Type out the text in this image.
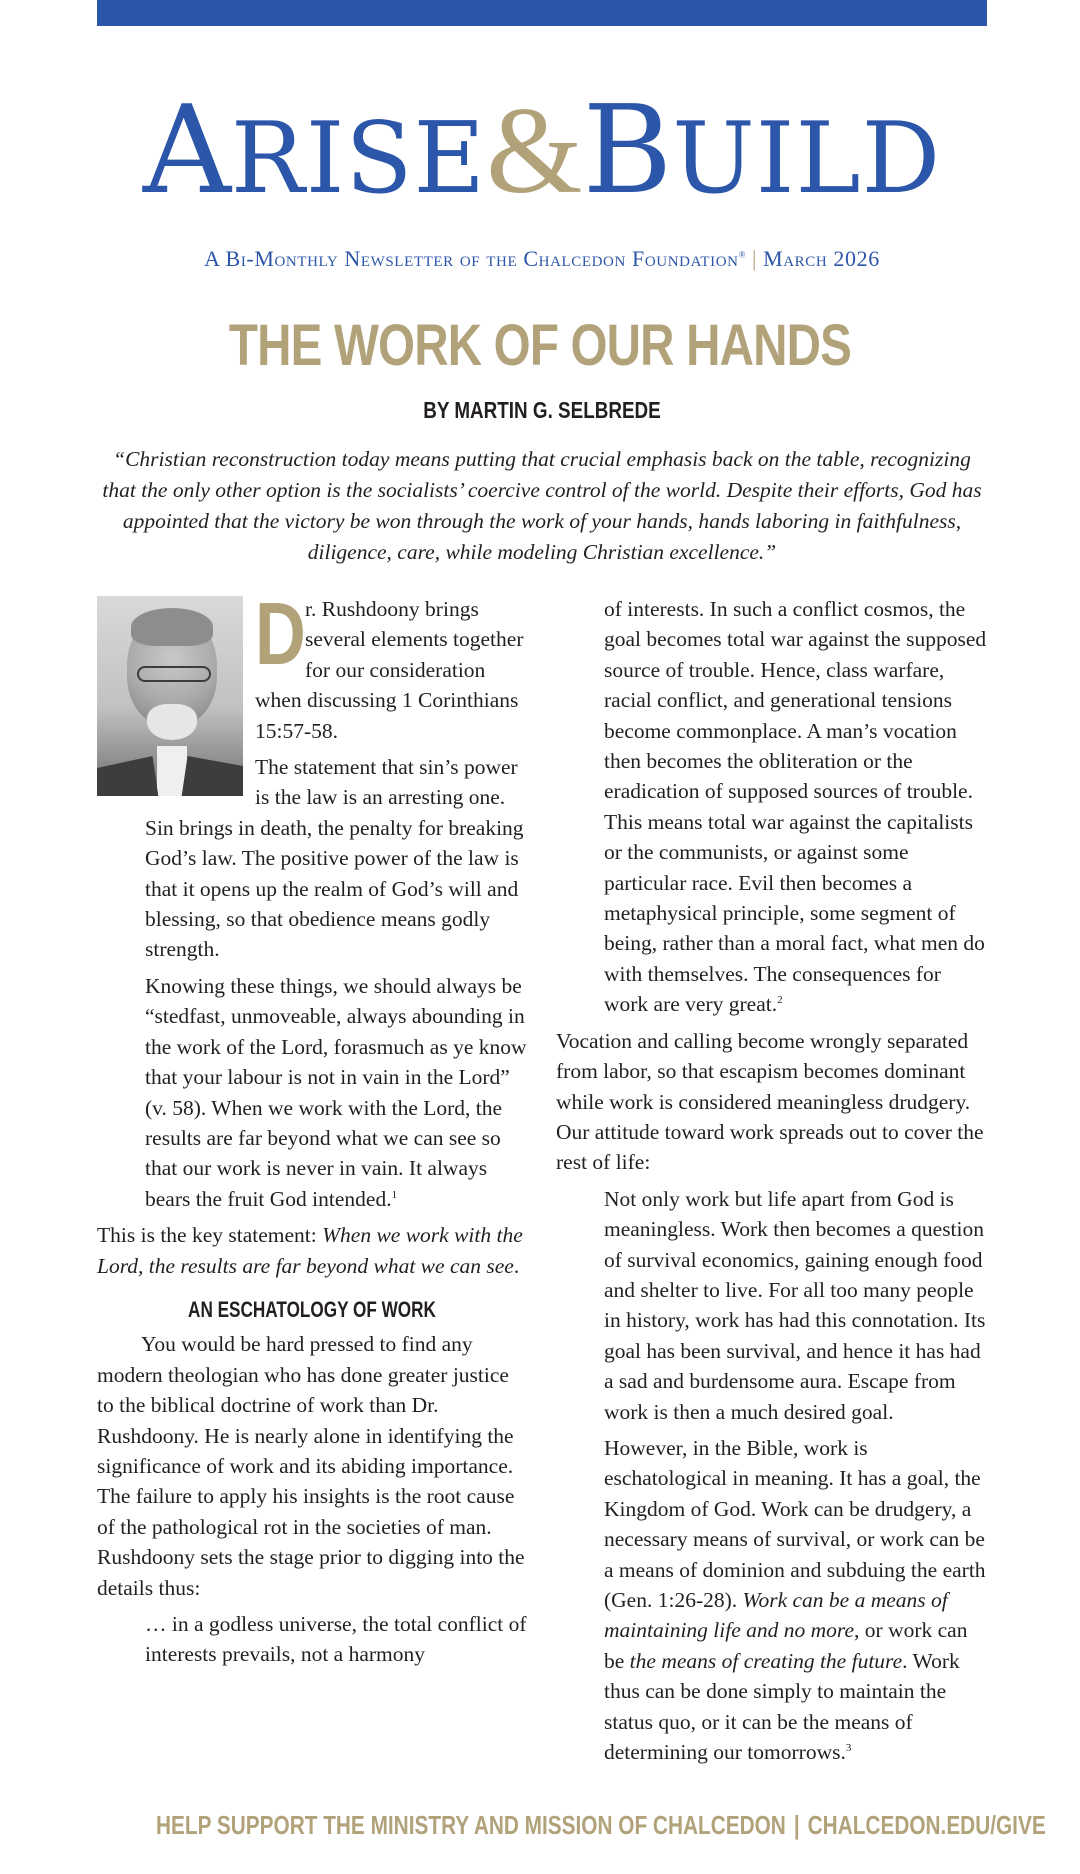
ARISE&BUILD
A Bi-Monthly Newsletter of the Chalcedon Foundation® | March 2026
THE WORK OF OUR HANDS
BY MARTIN G. SELBREDE
“Christian reconstruction today means putting that crucial emphasis back on the table, recognizing that the only other option is the socialists’ coercive control of the world. Despite their efforts, God has appointed that the victory be won through the work of your hands, hands laboring in faithfulness, diligence, care, while modeling Christian excellence.”

Dr. Rushdoony brings several elements together for our consideration when discussing 1 Corinthians 15:57-58.

The statement that sin’s power is the law is an arresting one. Sin brings in death, the penalty for breaking God’s law. The positive power of the law is that it opens up the realm of God’s will and blessing, so that obedience means godly strength.

Knowing these things, we should always be “stedfast, unmoveable, always abounding in the work of the Lord, forasmuch as ye know that your labour is not in vain in the Lord” (v. 58). When we work with the Lord, the results are far beyond what we can see so that our work is never in vain. It always bears the fruit God intended.$^1$

This is the key statement: When we work with the Lord, the results are far beyond what we can see.

AN ESCHATOLOGY OF WORK

You would be hard pressed to find any modern theologian who has done greater justice to the biblical doctrine of work than Dr. Rushdoony. He is nearly alone in identifying the significance of work and its abiding importance. The failure to apply his insights is the root cause of the pathological rot in the societies of man. Rushdoony sets the stage prior to digging into the details thus:

… in a godless universe, the total conflict of interests prevails, not a harmony

of interests. In such a conflict cosmos, the goal becomes total war against the supposed source of trouble. Hence, class warfare, racial conflict, and generational tensions become commonplace. A man’s vocation then becomes the obliteration or the eradication of supposed sources of trouble. This means total war against the capitalists or the communists, or against some particular race. Evil then becomes a metaphysical principle, some segment of being, rather than a moral fact, what men do with themselves. The consequences for work are very great.$^2$

Vocation and calling become wrongly separated from labor, so that escapism becomes dominant while work is considered meaningless drudgery. Our attitude toward work spreads out to cover the rest of life:

Not only work but life apart from God is meaningless. Work then becomes a question of survival economics, gaining enough food and shelter to live. For all too many people in history, work has had this connotation. Its goal has been survival, and hence it has had a sad and burdensome aura. Escape from work is then a much desired goal.

However, in the Bible, work is eschatological in meaning. It has a goal, the Kingdom of God. Work can be drudgery, a necessary means of survival, or work can be a means of dominion and subduing the earth (Gen. 1:26-28). Work can be a means of maintaining life and no more, or work can be the means of creating the future. Work thus can be done simply to maintain the status quo, or it can be the means of determining our tomorrows.$^3$

HELP SUPPORT THE MINISTRY AND MISSION OF CHALCEDON | CHALCEDON.EDU/GIVE
